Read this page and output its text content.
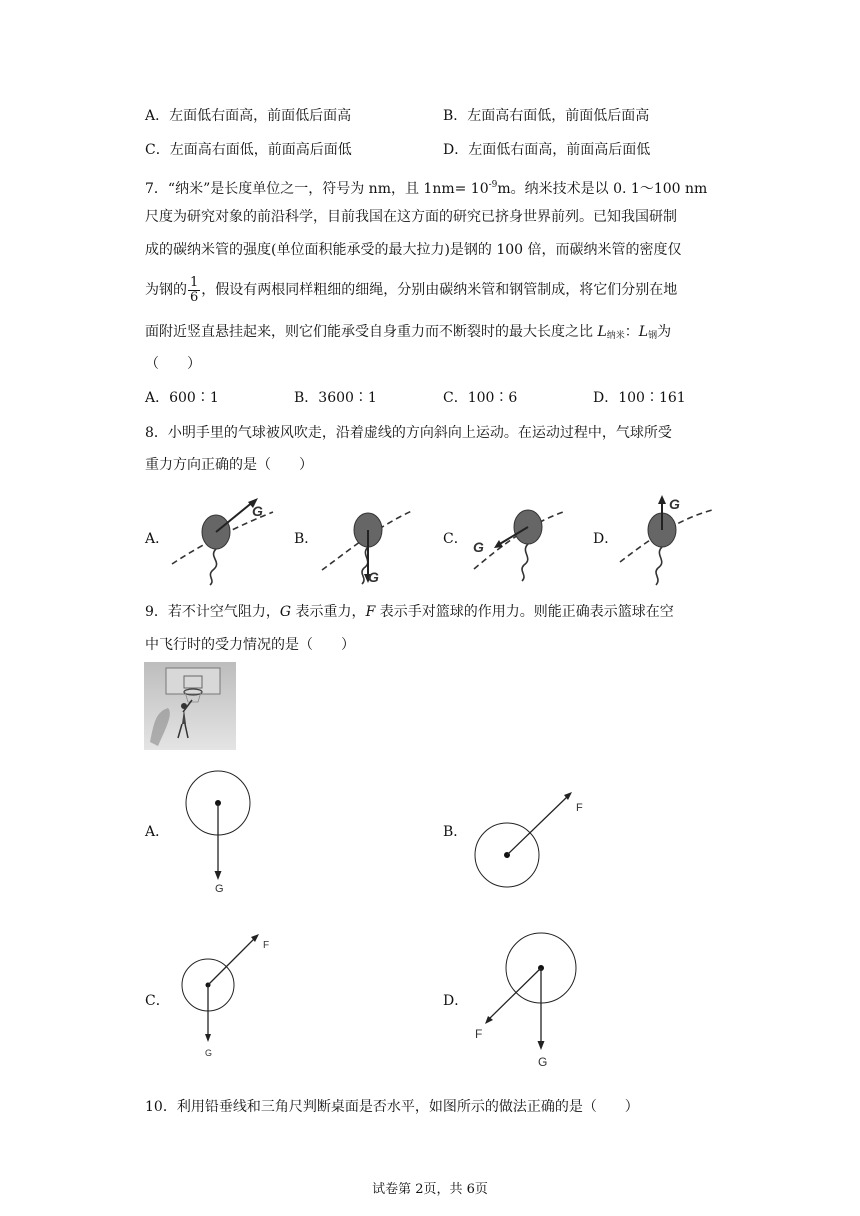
A．左面低右面高，前面低后面高	B．左面高右面低，前面低后面高
C．左面高右面低，前面高后面低	D．左面低右面高，前面高后面低
7．“纳米”是长度单位之一，符号为 nm，且 $1nm= 10^{-9}m$。纳米技术是以 0. 1～100 nm
尺度为研究对象的前沿科学，目前我国在这方面的研究已挤身世界前列。已知我国研制
成的碳纳米管的强度(单位面积能承受的最大拉力)是钢的 100 倍，而碳纳米管的密度仅
为钢的 $\frac{1}{6}$ ，假设有两根同样粗细的细绳，分别由碳纳米管和钢管制成，将它们分别在地
面附近竖直悬挂起来，则它们能承受自身重力而不断裂时的最大长度之比 $L_{纳米}$：$L_钢$为
（　　）
A．600∶1	B．3600∶1	C．100∶6	D．100∶161
8．小明手里的气球被风吹走，沿着虚线的方向斜向上运动。在运动过程中，气球所受
重力方向正确的是（　　）
A．	B．	C．	D．
G
G
G
G
9．若不计空气阻力，G 表示重力，F 表示手对篮球的作用力。则能正确表示篮球在空
中飞行时的受力情况的是（　　）
A．	B．
C．	D．
G
F
F
G
G
F
10．利用铅垂线和三角尺判断桌面是否水平，如图所示的做法正确的是（　　）
试卷第 2页，共 6页
